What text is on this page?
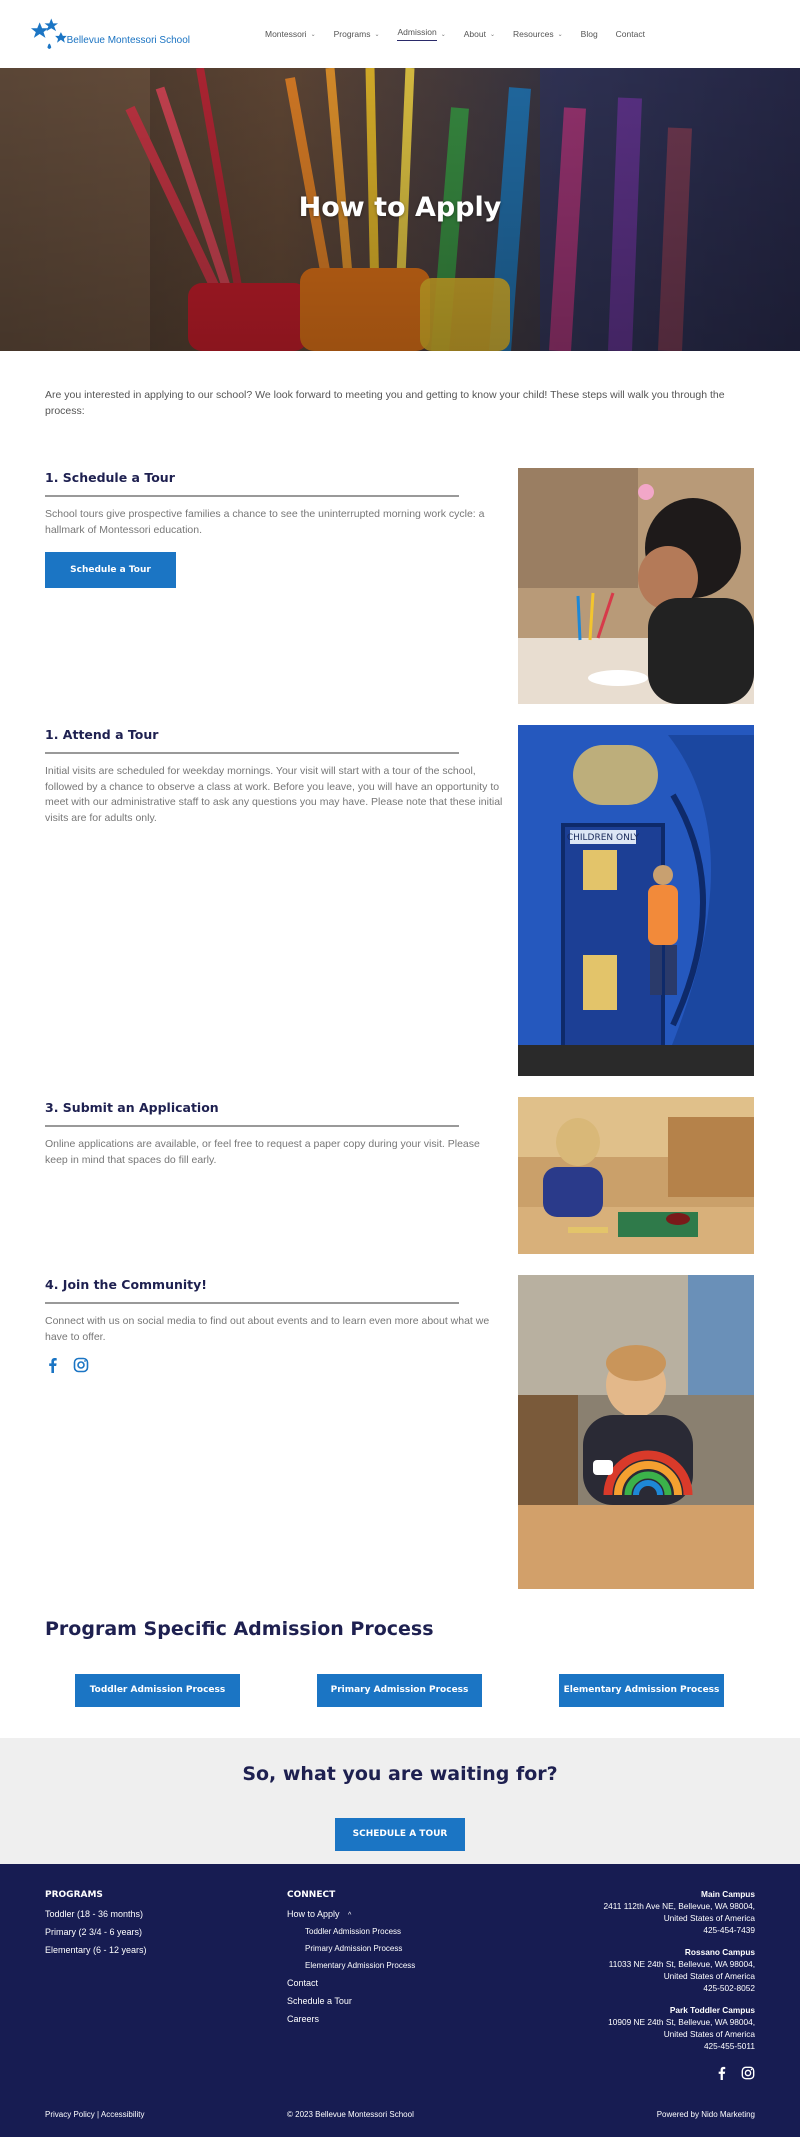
Bellevue Montessori School
Montessori ⌄ Programs ⌄ Admission ⌄ About ⌄ Resources ⌄ Blog Contact
How to Apply
Are you interested in applying to our school? We look forward to meeting you and getting to know your child! These steps will walk you through the process:
1. Schedule a Tour
School tours give prospective families a chance to see the uninterrupted morning work cycle: a hallmark of Montessori education.
Schedule a Tour
1. Attend a Tour
Initial visits are scheduled for weekday mornings. Your visit will start with a tour of the school, followed by a chance to observe a class at work. Before you leave, you will have an opportunity to meet with our administrative staff to ask any questions you may have. Please note that these initial visits are for adults only.
CHILDREN ONLY
3. Submit an Application
Online applications are available, or feel free to request a paper copy during your visit. Please keep in mind that spaces do fill early.
4. Join the Community!
Connect with us on social media to find out about events and to learn even more about what we have to offer.
Program Specific Admission Process
Toddler Admission Process	Primary Admission Process	Elementary Admission Process
So, what you are waiting for?
SCHEDULE A TOUR
PROGRAMS
Toddler (18 - 36 months)
Primary (2 3/4 - 6 years)
Elementary (6 - 12 years)
CONNECT
How to Apply ^
Toddler Admission Process
Primary Admission Process
Elementary Admission Process
Contact
Schedule a Tour
Careers
Main Campus
2411 112th Ave NE, Bellevue, WA 98004,
United States of America
425-454-7439
Rossano Campus
11033 NE 24th St, Bellevue, WA 98004,
United States of America
425-502-8052
Park Toddler Campus
10909 NE 24th St, Bellevue, WA 98004,
United States of America
425-455-5011
Privacy Policy | Accessibility	© 2023 Bellevue Montessori School	Powered by Nido Marketing
